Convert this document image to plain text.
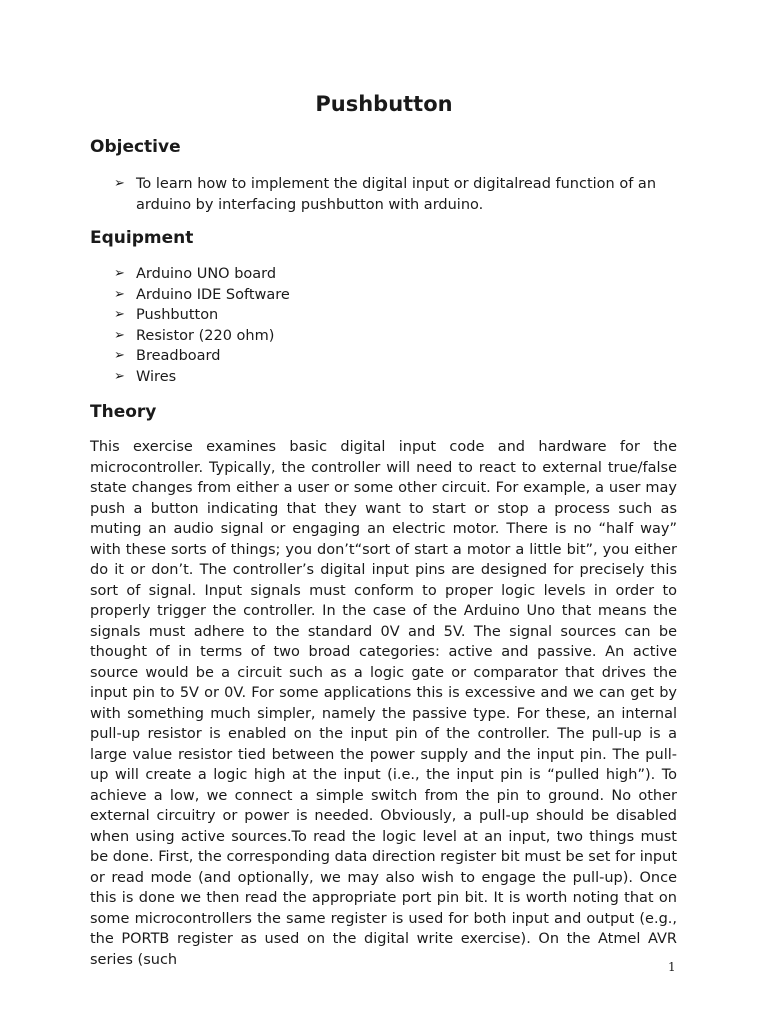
Pushbutton
Objective
➢ To learn how to implement the digital input or digitalread function of an arduino by interfacing pushbutton with arduino.
Equipment
➢ Arduino UNO board
➢ Arduino IDE Software
➢ Pushbutton
➢ Resistor (220 ohm)
➢ Breadboard
➢ Wires
Theory

This exercise examines basic digital input code and hardware for the microcontroller. Typically, the controller will need to react to external true/false state changes from either a user or some other circuit. For example, a user may push a button indicating that they want to start or stop a process such as muting an audio signal or engaging an electric motor. There is no “half way” with these sorts of things; you don’t“sort of start a motor a little bit”, you either do it or don’t. The controller’s digital input pins are designed for precisely this sort of signal. Input signals must conform to proper logic levels in order to properly trigger the controller. In the case of the Arduino Uno that means the signals must adhere to the standard 0V and 5V. The signal sources can be thought of in terms of two broad categories: active and passive. An active source would be a circuit such as a logic gate or comparator that drives the input pin to 5V or 0V. For some applications this is excessive and we can get by with something much simpler, namely the passive type. For these, an internal pull-up resistor is enabled on the input pin of the controller. The pull-up is a large value resistor tied between the power supply and the input pin. The pull-up will create a logic high at the input (i.e., the input pin is “pulled high”). To achieve a low, we connect a simple switch from the pin to ground. No other external circuitry or power is needed. Obviously, a pull-up should be disabled when using active sources.To read the logic level at an input, two things must be done. First, the corresponding data direction register bit must be set for input or read mode (and optionally, we may also wish to engage the pull-up). Once this is done we then read the appropriate port pin bit. It is worth noting that on some microcontrollers the same register is used for both input and output (e.g., the PORTB register as used on the digital write exercise). On the Atmel AVR series (such	1
